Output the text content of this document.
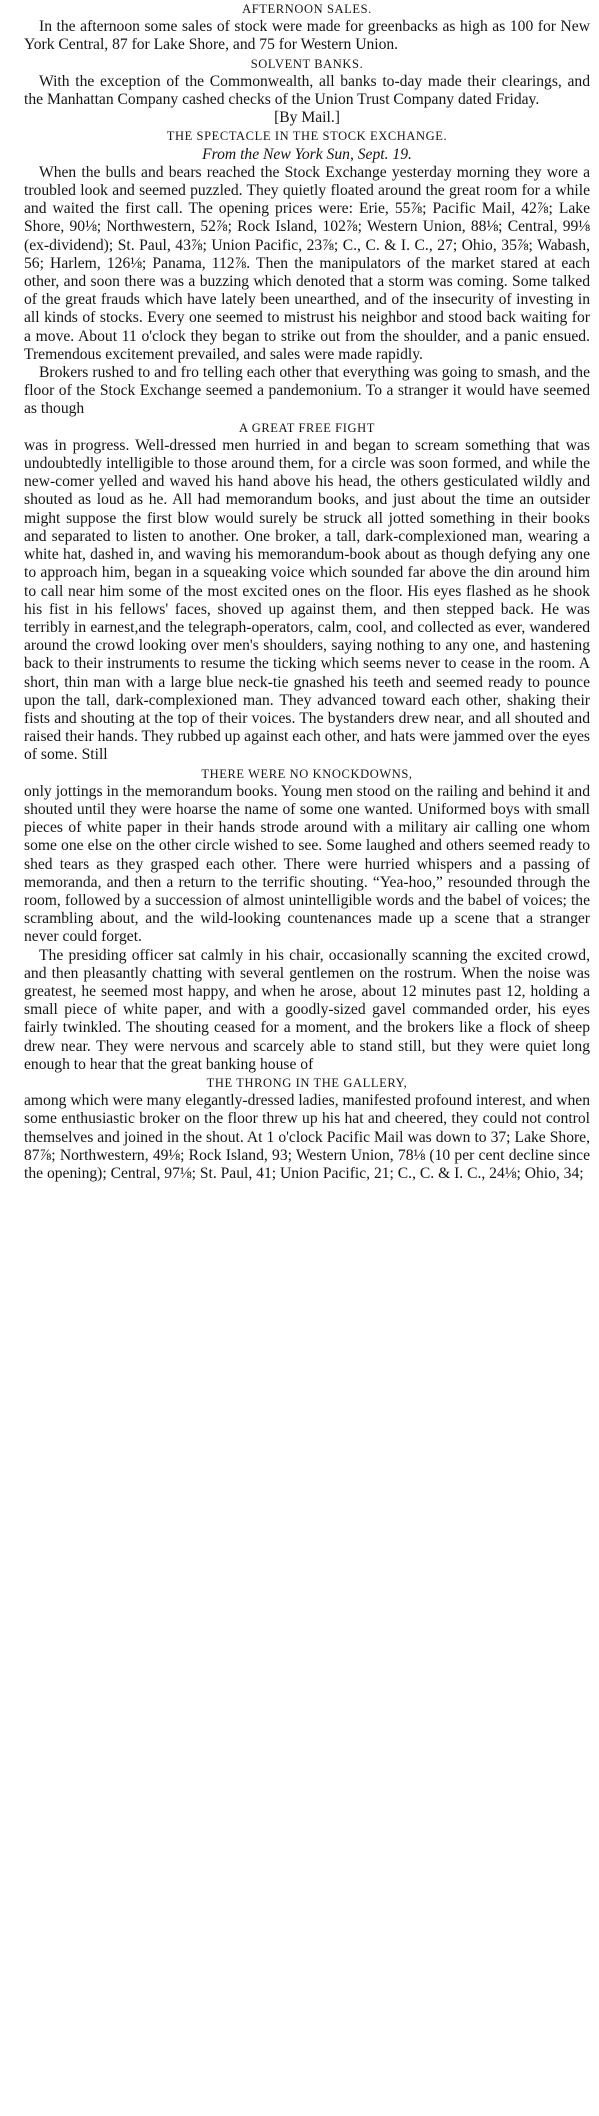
AFTERNOON SALES.

In the afternoon some sales of stock were made for greenbacks as high as 100 for New York Central, 87 for Lake Shore, and 75 for Western Union.

SOLVENT BANKS.

With the exception of the Commonwealth, all banks to-day made their clearings, and the Manhattan Company cashed checks of the Union Trust Company dated Friday.

[By Mail.]
THE SPECTACLE IN THE STOCK EXCHANGE.
From the New York Sun, Sept. 19.

When the bulls and bears reached the Stock Exchange yesterday morning they wore a troubled look and seemed puzzled. They quietly floated around the great room for a while and waited the first call. The opening prices were: Erie, 55⅞; Pacific Mail, 42⅞; Lake Shore, 90⅛; Northwestern, 52⅞; Rock Island, 102⅞; Western Union, 88⅛; Central, 99⅛ (ex-dividend); St. Paul, 43⅞; Union Pacific, 23⅞; C., C. & I. C., 27; Ohio, 35⅞; Wabash, 56; Harlem, 126⅛; Panama, 112⅞. Then the manipulators of the market stared at each other, and soon there was a buzzing which denoted that a storm was coming. Some talked of the great frauds which have lately been unearthed, and of the insecurity of investing in all kinds of stocks. Every one seemed to mistrust his neighbor and stood back waiting for a move. About 11 o'clock they began to strike out from the shoulder, and a panic ensued. Tremendous excitement prevailed, and sales were made rapidly.

Brokers rushed to and fro telling each other that everything was going to smash, and the floor of the Stock Exchange seemed a pandemonium. To a stranger it would have seemed as though

A GREAT FREE FIGHT

was in progress. Well-dressed men hurried in and began to scream something that was undoubtedly intelligible to those around them, for a circle was soon formed, and while the new-comer yelled and waved his hand above his head, the others gesticulated wildly and shouted as loud as he. All had memorandum books, and just about the time an outsider might suppose the first blow would surely be struck all jotted something in their books and separated to listen to another. One broker, a tall, dark-complexioned man, wearing a white hat, dashed in, and waving his memorandum-book about as though defying any one to approach him, began in a squeaking voice which sounded far above the din around him to call near him some of the most excited ones on the floor. His eyes flashed as he shook his fist in his fellows' faces, shoved up against them, and then stepped back. He was terribly in earnest,and the telegraph-operators, calm, cool, and collected as ever, wandered around the crowd looking over men's shoulders, saying nothing to any one, and hastening back to their instruments to resume the ticking which seems never to cease in the room. A short, thin man with a large blue neck-tie gnashed his teeth and seemed ready to pounce upon the tall, dark-complexioned man. They advanced toward each other, shaking their fists and shouting at the top of their voices. The bystanders drew near, and all shouted and raised their hands. They rubbed up against each other, and hats were jammed over the eyes of some. Still

THERE WERE NO KNOCKDOWNS,

only jottings in the memorandum books. Young men stood on the railing and behind it and shouted until they were hoarse the name of some one wanted. Uniformed boys with small pieces of white paper in their hands strode around with a military air calling one whom some one else on the other circle wished to see. Some laughed and others seemed ready to shed tears as they grasped each other. There were hurried whispers and a passing of memoranda, and then a return to the terrific shouting. “Yea-hoo,” resounded through the room, followed by a succession of almost unintelligible words and the babel of voices; the scrambling about, and the wild-looking countenances made up a scene that a stranger never could forget.

The presiding officer sat calmly in his chair, occasionally scanning the excited crowd, and then pleasantly chatting with several gentlemen on the rostrum. When the noise was greatest, he seemed most happy, and when he arose, about 12 minutes past 12, holding a small piece of white paper, and with a goodly-sized gavel commanded order, his eyes fairly twinkled. The shouting ceased for a moment, and the brokers like a flock of sheep drew near. They were nervous and scarcely able to stand still, but they were quiet long enough to hear that the great banking house of

THE THRONG IN THE GALLERY,

among which were many elegantly-dressed ladies, manifested profound interest, and when some enthusiastic broker on the floor threw up his hat and cheered, they could not control themselves and joined in the shout. At 1 o'clock Pacific Mail was down to 37; Lake Shore, 87⅞; Northwestern, 49⅛; Rock Island, 93; Western Union, 78⅛ (10 per cent decline since the opening); Central, 97⅛; St. Paul, 41; Union Pacific, 21; C., C. & I. C., 24⅛; Ohio, 34;
